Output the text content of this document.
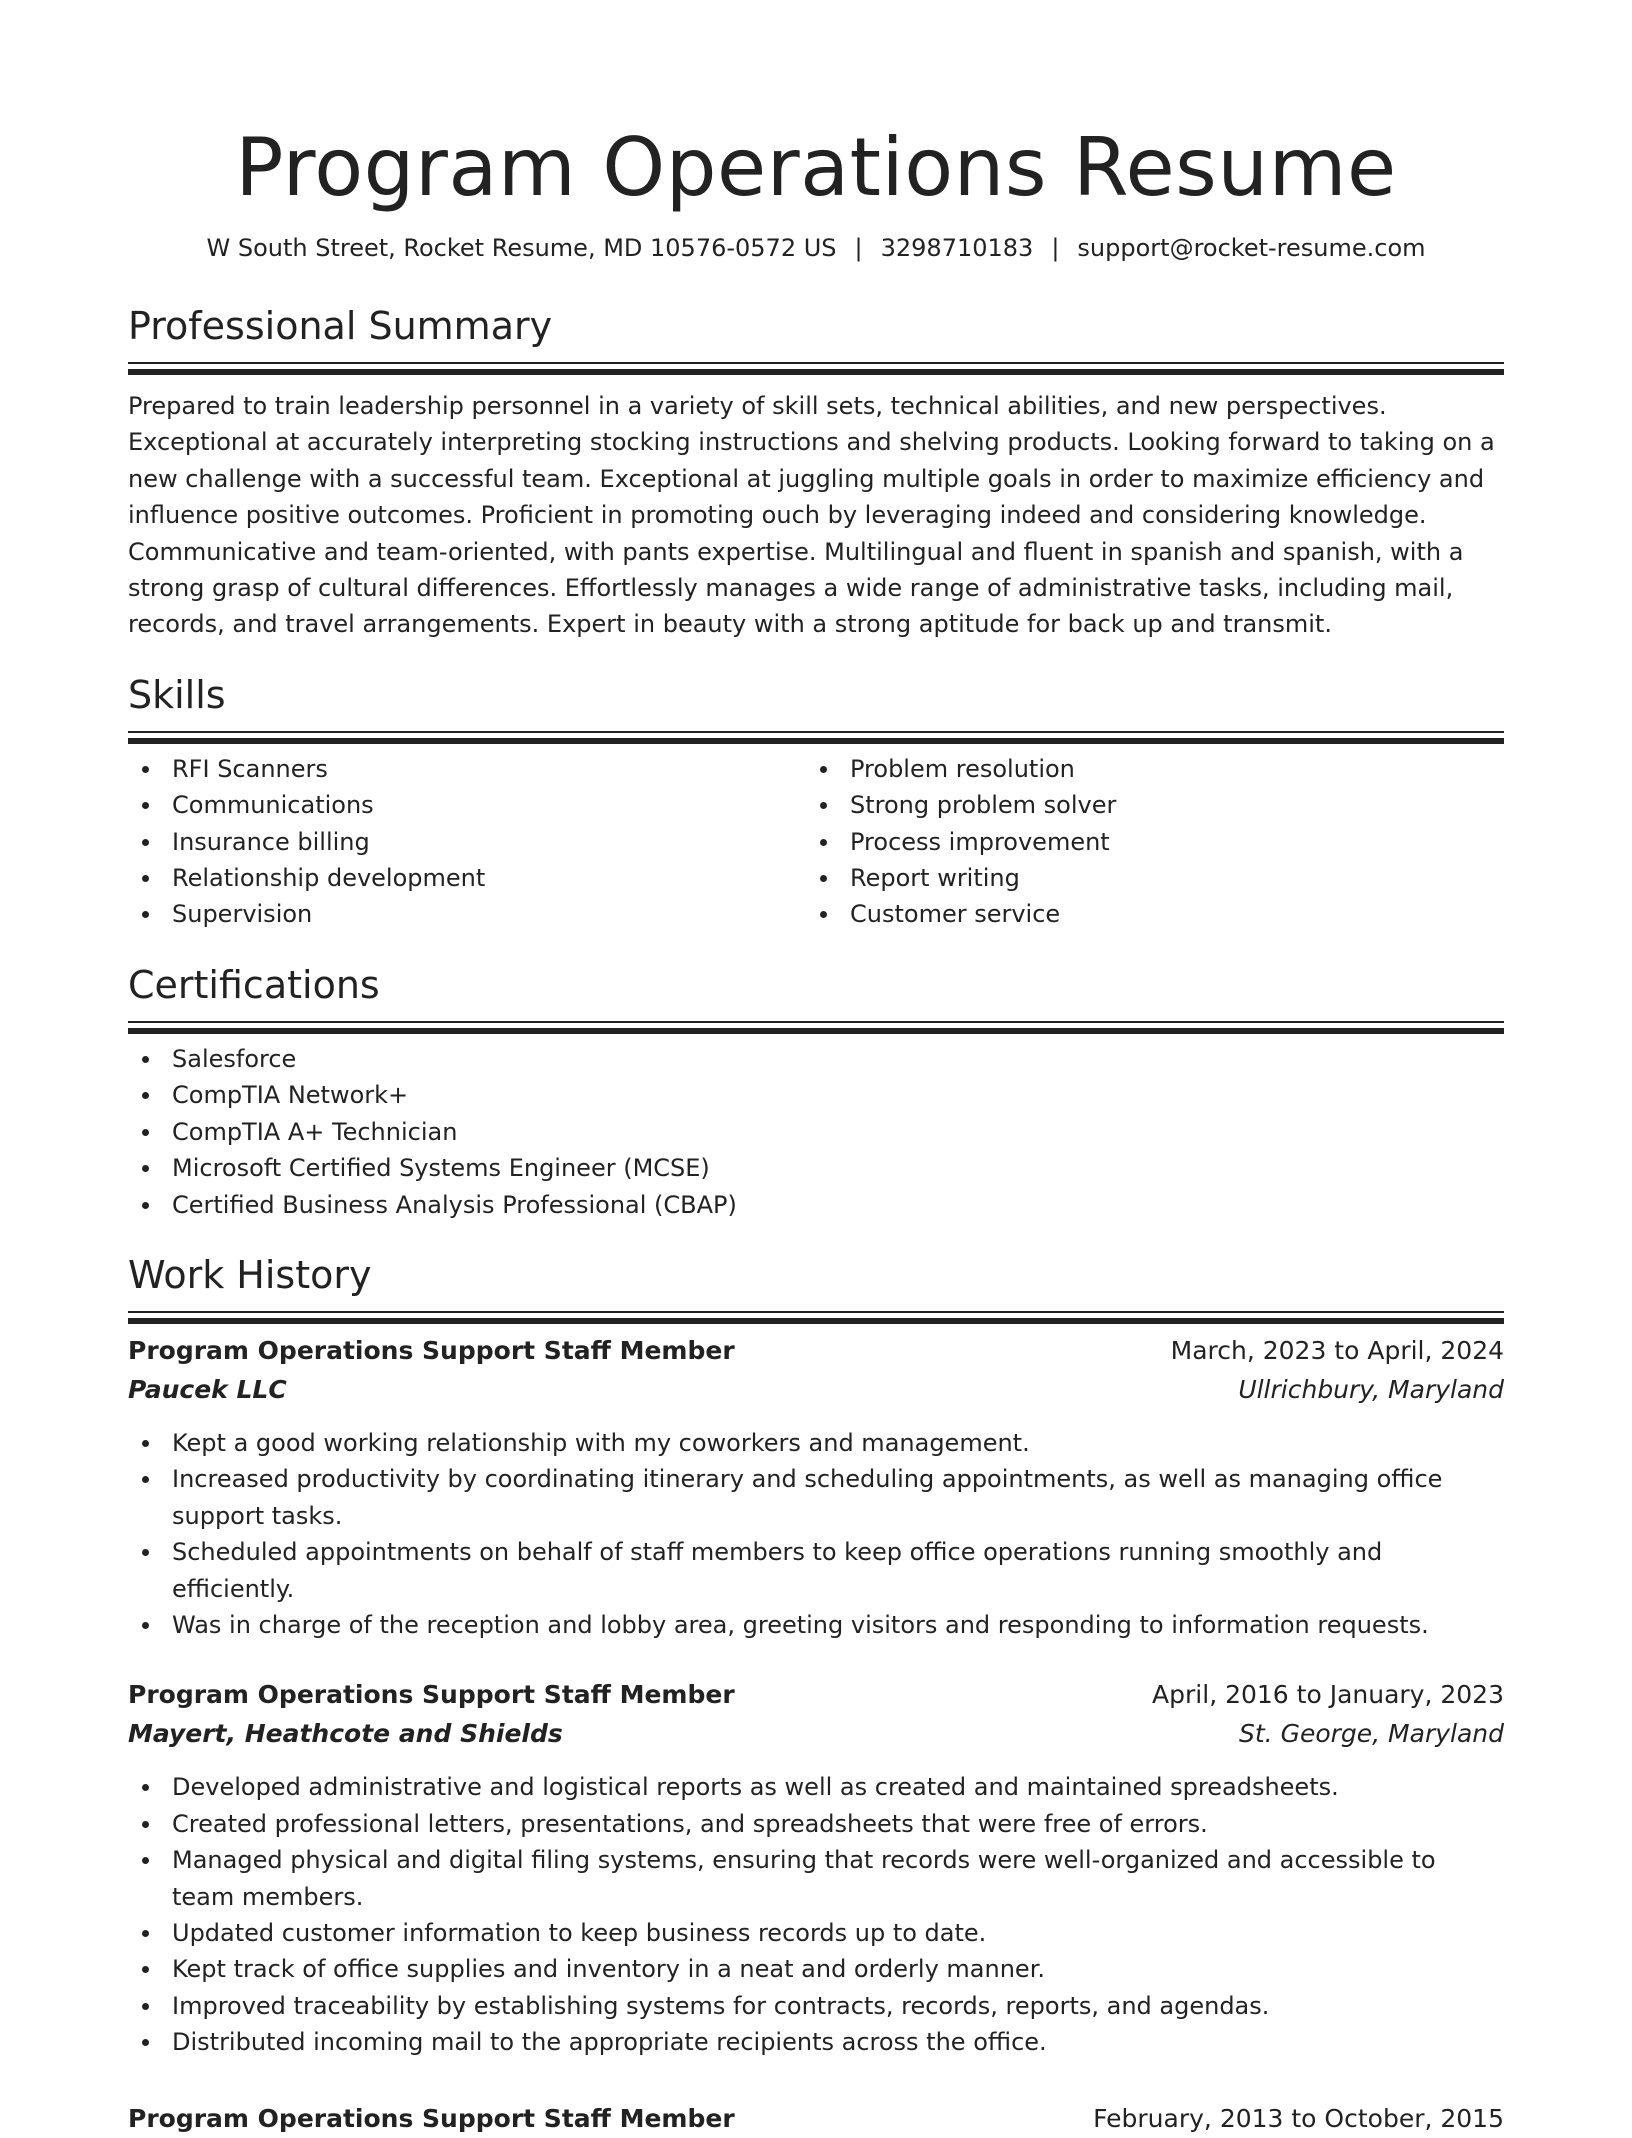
Program Operations Resume
W South Street, Rocket Resume, MD 10576-0572 US | 3298710183 | support@rocket-resume.com
Professional Summary
Prepared to train leadership personnel in a variety of skill sets, technical abilities, and new perspectives. Exceptional at accurately interpreting stocking instructions and shelving products. Looking forward to taking on a new challenge with a successful team. Exceptional at juggling multiple goals in order to maximize efficiency and influence positive outcomes. Proficient in promoting ouch by leveraging indeed and considering knowledge. Communicative and team-oriented, with pants expertise. Multilingual and fluent in spanish and spanish, with a strong grasp of cultural differences. Effortlessly manages a wide range of administrative tasks, including mail, records, and travel arrangements. Expert in beauty with a strong aptitude for back up and transmit.
Skills
RFI Scanners
Communications
Insurance billing
Relationship development
Supervision
Problem resolution
Strong problem solver
Process improvement
Report writing
Customer service
Certifications
Salesforce
CompTIA Network+
CompTIA A+ Technician
Microsoft Certified Systems Engineer (MCSE)
Certified Business Analysis Professional (CBAP)
Work History
Program Operations Support Staff Member	March, 2023 to April, 2024
Paucek LLC	Ullrichbury, Maryland
Kept a good working relationship with my coworkers and management.
Increased productivity by coordinating itinerary and scheduling appointments, as well as managing office support tasks.
Scheduled appointments on behalf of staff members to keep office operations running smoothly and efficiently.
Was in charge of the reception and lobby area, greeting visitors and responding to information requests.
Program Operations Support Staff Member	April, 2016 to January, 2023
Mayert, Heathcote and Shields	St. George, Maryland
Developed administrative and logistical reports as well as created and maintained spreadsheets.
Created professional letters, presentations, and spreadsheets that were free of errors.
Managed physical and digital filing systems, ensuring that records were well-organized and accessible to team members.
Updated customer information to keep business records up to date.
Kept track of office supplies and inventory in a neat and orderly manner.
Improved traceability by establishing systems for contracts, records, reports, and agendas.
Distributed incoming mail to the appropriate recipients across the office.
Program Operations Support Staff Member	February, 2013 to October, 2015
